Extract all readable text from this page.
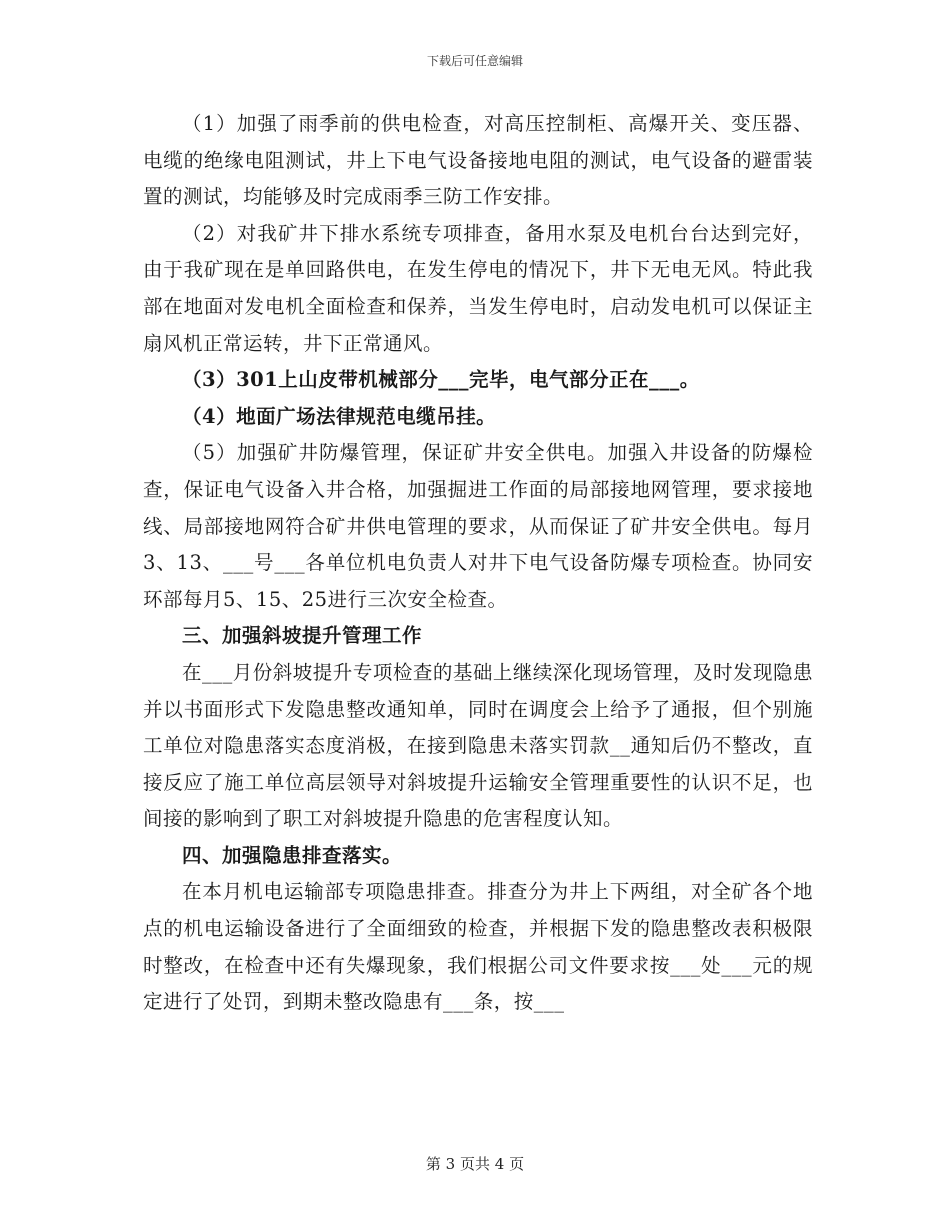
下载后可任意编辑

（1）加强了雨季前的供电检查，对高压控制柜、高爆开关、变压器、电缆的绝缘电阻测试，井上下电气设备接地电阻的测试，电气设备的避雷装置的测试，均能够及时完成雨季三防工作安排。

（2）对我矿井下排水系统专项排查，备用水泵及电机台台达到完好，由于我矿现在是单回路供电，在发生停电的情况下，井下无电无风。特此我部在地面对发电机全面检查和保养，当发生停电时，启动发电机可以保证主扇风机正常运转，井下正常通风。

（3）301上山皮带机械部分___完毕，电气部分正在___。

（4）地面广场法律规范电缆吊挂。

（5）加强矿井防爆管理，保证矿井安全供电。加强入井设备的防爆检查，保证电气设备入井合格，加强掘进工作面的局部接地网管理，要求接地线、局部接地网符合矿井供电管理的要求，从而保证了矿井安全供电。每月3、13、___号___各单位机电负责人对井下电气设备防爆专项检查。协同安环部每月5、15、25进行三次安全检查。

三、加强斜坡提升管理工作

在___月份斜坡提升专项检查的基础上继续深化现场管理，及时发现隐患并以书面形式下发隐患整改通知单，同时在调度会上给予了通报，但个别施工单位对隐患落实态度消极，在接到隐患未落实罚款__通知后仍不整改，直接反应了施工单位高层领导对斜坡提升运输安全管理重要性的认识不足，也间接的影响到了职工对斜坡提升隐患的危害程度认知。

四、加强隐患排查落实。

在本月机电运输部专项隐患排查。排查分为井上下两组，对全矿各个地点的机电运输设备进行了全面细致的检查，并根据下发的隐患整改表积极限时整改，在检查中还有失爆现象，我们根据公司文件要求按___处___元的规定进行了处罚，到期未整改隐患有___条，按___

第 3 页共 4 页
